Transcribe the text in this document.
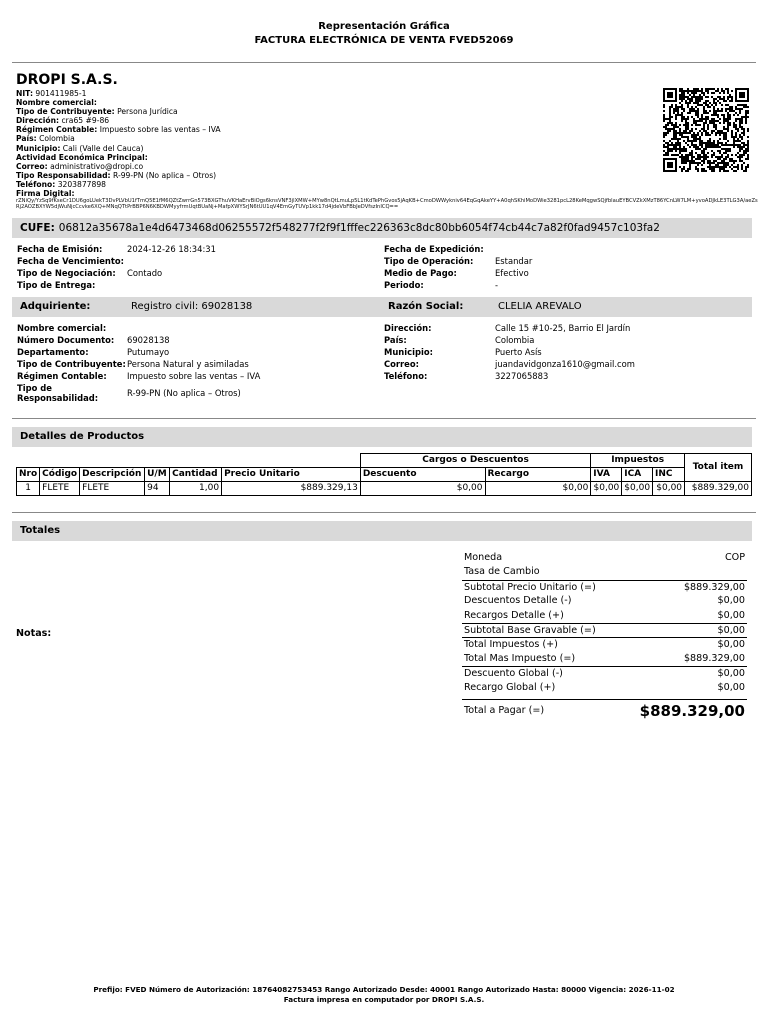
Representación Gráfica
FACTURA ELECTRÓNICA DE VENTA FVED52069
DROPI S.A.S.
NIT: 901411985-1
Nombre comercial:
Tipo de Contribuyente: Persona Jurídica
Dirección: cra65 #9-86
Régimen Contable: Impuesto sobre las ventas – IVA
País: Colombia
Municipio: Cali (Valle del Cauca)
Actividad Económica Principal:
Correo: administrativo@dropi.co
Tipo Responsabilidad: R-99-PN (No aplica – Otros)
Teléfono: 3203877898
Firma Digital:
rZNiQy/YzSq9fKseCr1DU6goLUekT3DvPLVbU1fTmQ5E1fM6QZtZwrrGn573BXGThuVKHaErvBiOgs6knsVNF3jlXMW+MYw8nQtLmuLp5L1tKdTePhGvos5jAqKB+CmoDWWykniv64EqGqAkeYY+A0qhSKhiMoDWie3281pcL28KeMqgwSQjfblauEYBCVZkXMzT86YCnLW7LM+yvoADJkLE3TLG3A/aeZsRj2AOZBXYW5djWuNjcCcvke6XQ+MNqQTtPrBBP6N6KBDWMyyfrmUqtBUaNj+MafpXWYSrJN6tUU1qV4EmGyTUVp1kk17d4jdeVbFBbJeDVfszInICQ==
CUFE: 06812a35678a1e4d6473468d06255572f548277f2f9f1fffec226363c8dc80bb6054f74cb44c7a82f0fad9457c103fa2
Fecha de Emisión:	2024-12-26 18:34:31
Fecha de Vencimiento:
Tipo de Negociación:	Contado
Tipo de Entrega:
Fecha de Expedición:
Tipo de Operación:	Estandar
Medio de Pago:	Efectivo
Periodo:	-
Adquiriente:	Registro civil: 69028138	Razón Social:	CLELIA AREVALO
Nombre comercial:
Número Documento:	69028138
Departamento:	Putumayo
Tipo de Contribuyente: Persona Natural y asimiladas
Régimen Contable:	Impuesto sobre las ventas – IVA
Tipo de Responsabilidad:	R-99-PN (No aplica – Otros)
Dirección:	Calle 15 #10-25, Barrio El Jardín
País:	Colombia
Municipio:	Puerto Asís
Correo:	juandavidgonza1610@gmail.com
Teléfono:	3227065883
Detalles de Productos
						Cargos o Descuentos		Impuestos			Total item
Nro	Código	Descripción	U/M	Cantidad	Precio Unitario	Descuento	Recargo	IVA	ICA	INC	
1	FLETE	FLETE	94	1,00	$889.329,13	$0,00	$0,00	$0,00	$0,00	$0,00	$889.329,00
Totales
Notas:
Moneda	COP
Tasa de Cambio
Subtotal Precio Unitario (=)	$889.329,00
Descuentos Detalle (-)	$0,00
Recargos Detalle (+)	$0,00
Subtotal Base Gravable (=)	$0,00
Total Impuestos (+)	$0,00
Total Mas Impuesto (=)	$889.329,00
Descuento Global (-)	$0,00
Recargo Global (+)	$0,00
Total a Pagar (=)	$889.329,00
Prefijo: FVED Número de Autorización: 18764082753453 Rango Autorizado Desde: 40001 Rango Autorizado Hasta: 80000 Vigencia: 2026-11-02
Factura impresa en computador por DROPI S.A.S.
